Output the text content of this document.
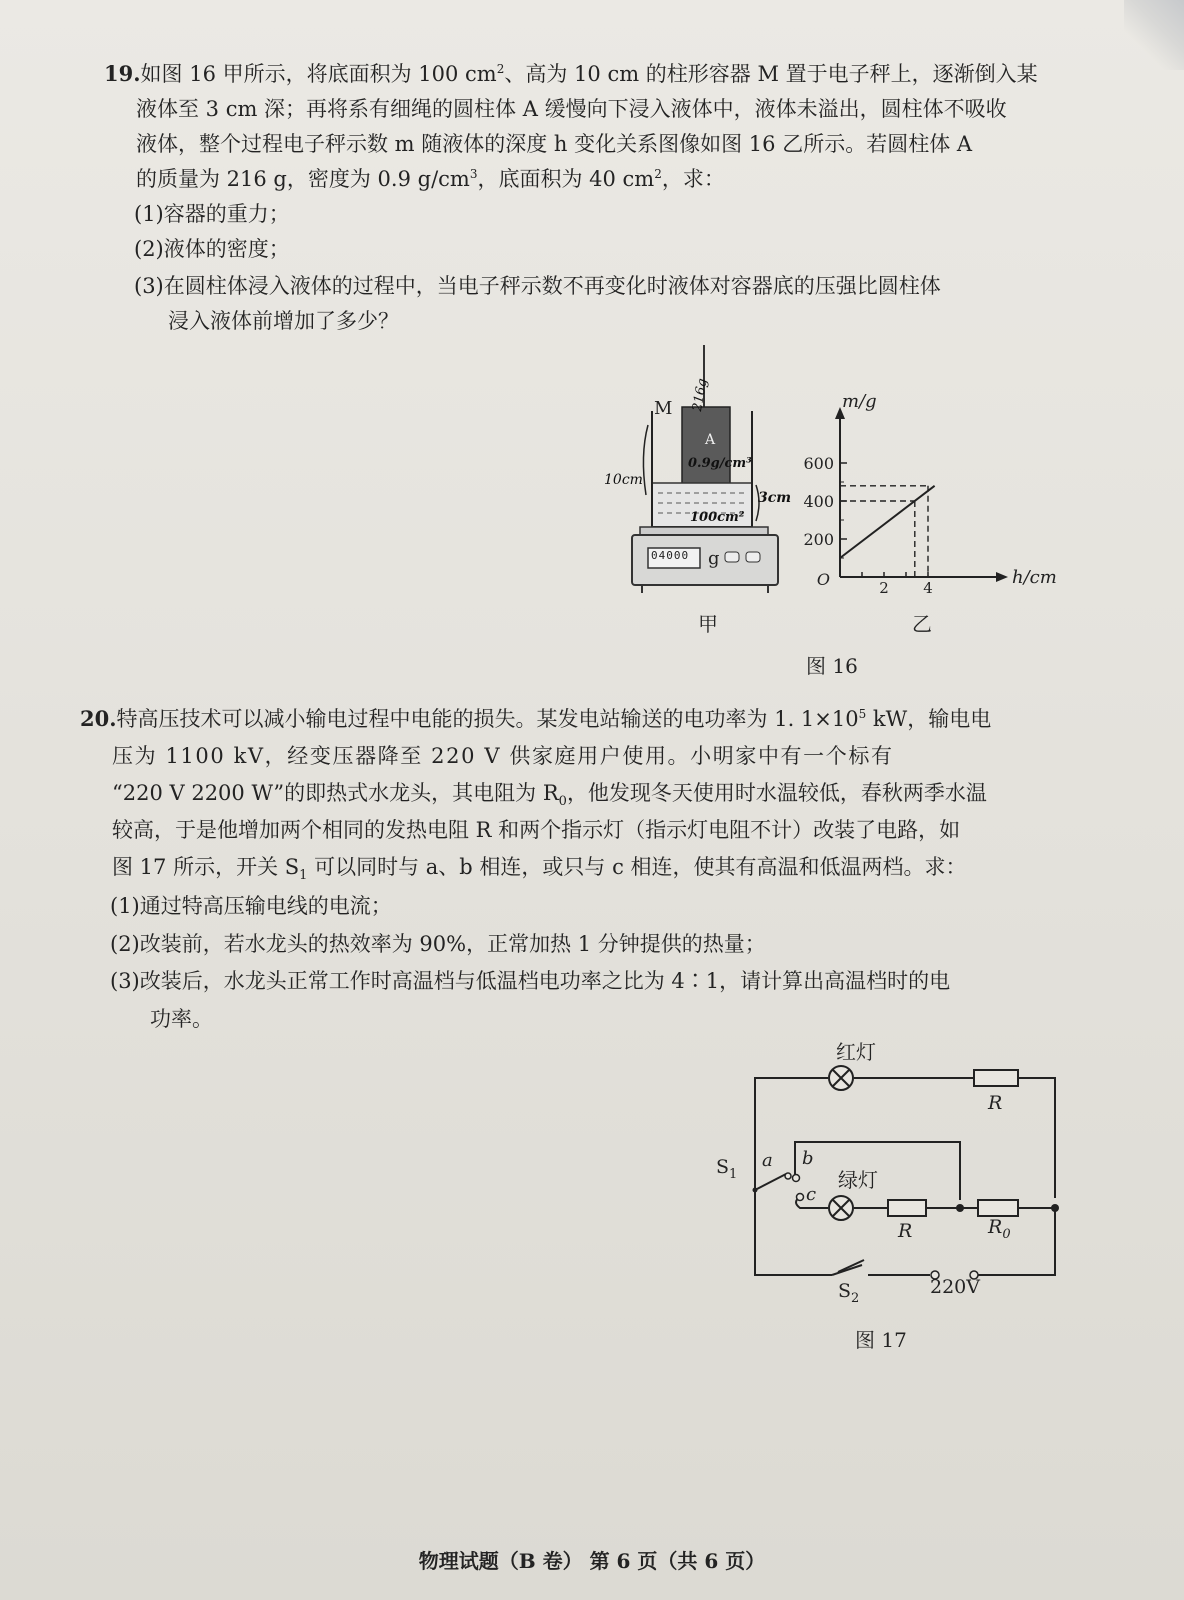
19.如图 16 甲所示，将底面积为 100 $cm^2$、高为 10 cm 的柱形容器 M 置于电子秤上，逐渐倒入某
液体至 3 cm 深；再将系有细绳的圆柱体 A 缓慢向下浸入液体中，液体未溢出，圆柱体不吸收
液体，整个过程电子秤示数 m 随液体的深度 h 变化关系图像如图 16 乙所示。若圆柱体 A
的质量为 216 g，密度为 0.9 $g/cm^3$，底面积为 40 $cm^2$，求：
(1)容器的重力；
(2)液体的密度；
(3)在圆柱体浸入液体的过程中，当电子秤示数不再变化时液体对容器底的压强比圆柱体
浸入液体前增加了多少？
M
A
216g
0.9g/cm³
10cm
3cm
100cm²
04000 g
甲
200
400
600
2 4
O
m/g
h/cm
乙
图 16
20.特高压技术可以减小输电过程中电能的损失。某发电站输送的电功率为 1. $1\times 10^5$ kW，输电电
压为 1100 kV，经变压器降至 220 V 供家庭用户使用。小明家中有一个标有
“220 V 2200 W”的即热式水龙头，其电阻为 $R_0$，他发现冬天使用时水温较低，春秋两季水温
较高，于是他增加两个相同的发热电阻 R 和两个指示灯（指示灯电阻不计）改装了电路，如
图 17 所示，开关 $S_1$ 可以同时与 a、b 相连，或只与 c 相连，使其有高温和低温两档。求：
(1)通过特高压输电线的电流；
(2)改装前，若水龙头的热效率为 90%，正常加热 1 分钟提供的热量；
(3)改装后，水龙头正常工作时高温档与低温档电功率之比为 4∶1，请计算出高温档时的电
功率。
红灯
绿灯
R
R	$R_0$
$S_1$
a b
c
$S_2$
220V
图 17
物理试题（B 卷） 第 6 页（共 6 页）
